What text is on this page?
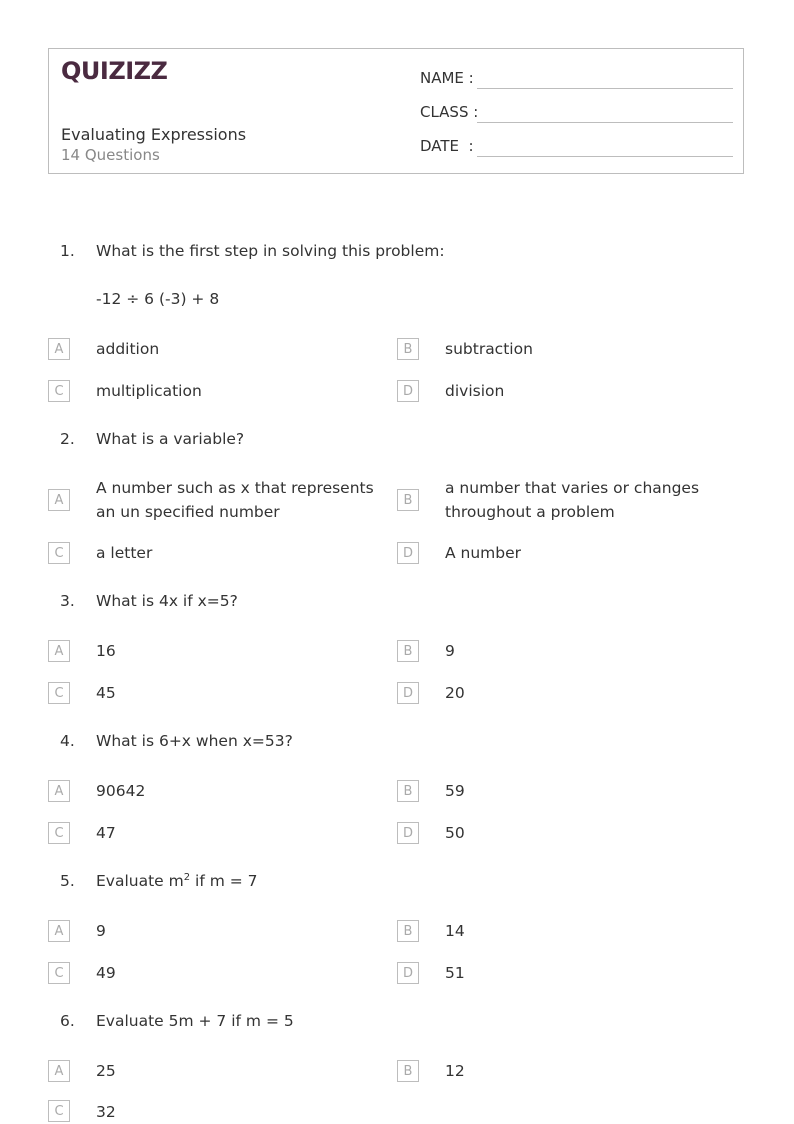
QUIZIZZ
Evaluating Expressions
14 Questions
NAME :
CLASS :
DATE  :
1. What is the first step in solving this problem:
-12 ÷ 6 (-3) + 8
A	addition	B	subtraction
C	multiplication	D	division
2. What is a variable?
A
A number such as x that represents an un specified number
B
a number that varies or changes throughout a problem
C	a letter	D	A number
3. What is 4x if x=5?
A	16	B	9
C	45	D	20
4. What is 6+x when x=53?
A	90642	B	59
C	47	D	50
5. Evaluate $m^2$ if m = 7
A	9	B	14
C	49	D	51
6. Evaluate 5m + 7 if m = 5
A	25	B	12
C	32
